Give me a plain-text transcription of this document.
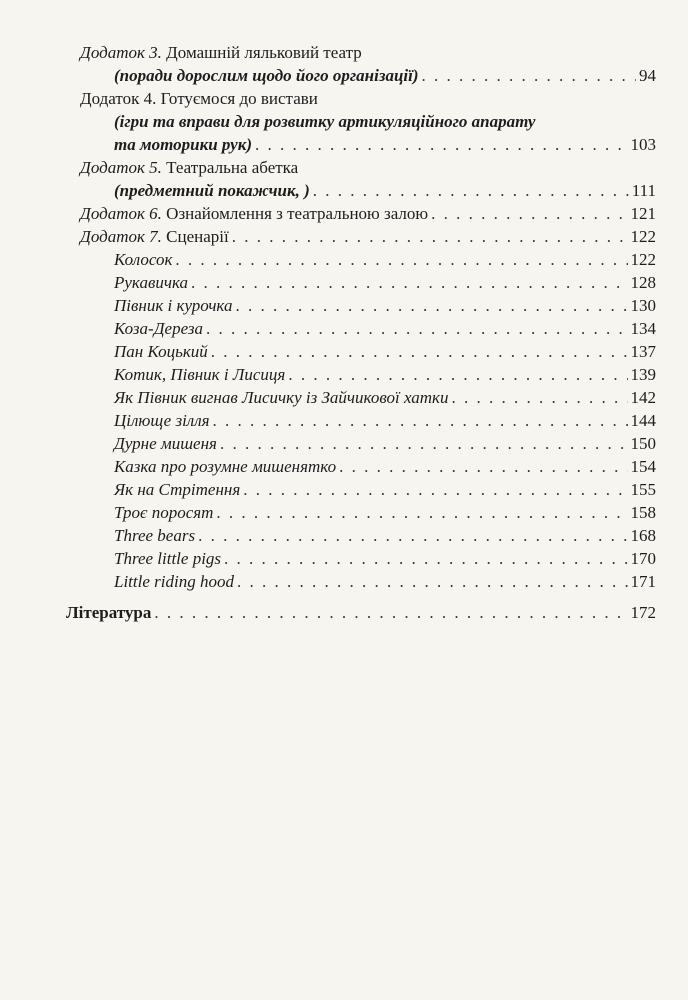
Додаток 3. Домашній ляльковий театр
(поради дорослим щодо його організації) . . .	94
Додаток 4. Готуємося до вистави
(ігри та вправи для розвитку артикуляційного апарату
та моторики рук) . . .	103
Додаток 5. Театральна абетка
(предметний покажчик, ) . . .	111
Додаток 6. Ознайомлення з театральною залою . . .	121
Додаток 7. Сценарії . . .	122
Колосок . . .	122
Рукавичка . . .	128
Півник і курочка . . .	130
Коза-Дереза . . .	134
Пан Коцький . . .	137
Котик, Півник і Лисиця . . .	139
Як Півник вигнав Лисичку із Зайчикової хатки . . .	142
Цілюще зілля . . .	144
Дурне мишеня . . .	150
Казка про розумне мишенятко . . .	154
Як на Стрітення . . .	155
Троє поросят . . .	158
Three bears . . .	168
Three little pigs . . .	170
Little riding hood . . .	171
Література . . .	172
